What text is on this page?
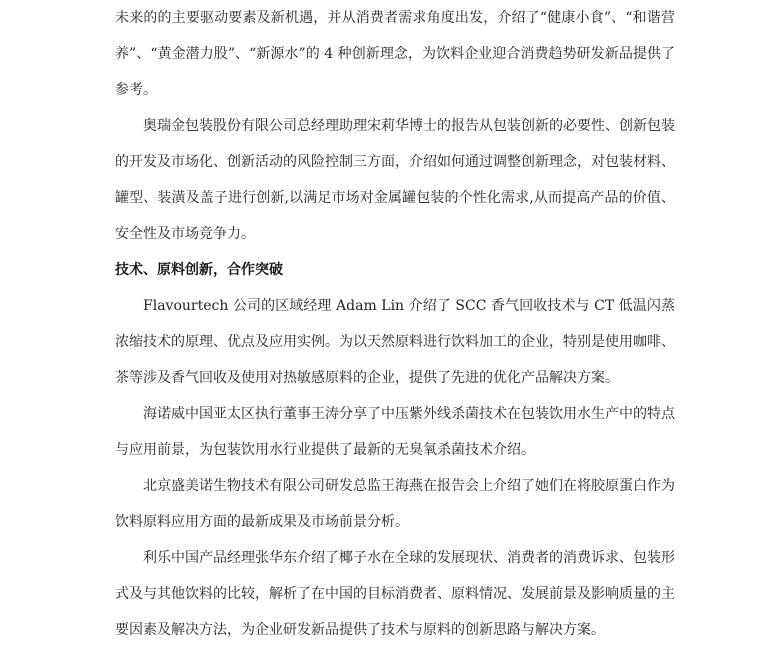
未来的的主要驱动要素及新机遇，并从消费者需求角度出发，介绍了“健康小食”、“和谐营养”、“黄金潜力股”、“新源水”的 4 种创新理念，为饮料企业迎合消费趋势研发新品提供了参考。

奥瑞金包装股份有限公司总经理助理宋莉华博士的报告从包装创新的必要性、创新包装的开发及市场化、创新活动的风险控制三方面，介绍如何通过调整创新理念，对包装材料、罐型、装潢及盖子进行创新,以满足市场对金属罐包装的个性化需求,从而提高产品的价值、安全性及市场竞争力。

技术、原料创新，合作突破

Flavourtech 公司的区域经理 Adam Lin 介绍了 SCC 香气回收技术与 CT 低温闪蒸浓缩技术的原理、优点及应用实例。为以天然原料进行饮料加工的企业，特别是使用咖啡、茶等涉及香气回收及使用对热敏感原料的企业，提供了先进的优化产品解决方案。

海诺威中国亚太区执行董事王涛分享了中压紫外线杀菌技术在包装饮用水生产中的特点与应用前景，为包装饮用水行业提供了最新的无臭氧杀菌技术介绍。

北京盛美诺生物技术有限公司研发总监王海燕在报告会上介绍了她们在将胶原蛋白作为饮料原料应用方面的最新成果及市场前景分析。

利乐中国产品经理张华东介绍了椰子水在全球的发展现状、消费者的消费诉求、包装形式及与其他饮料的比较，解析了在中国的目标消费者、原料情况、发展前景及影响质量的主要因素及解决方法，为企业研发新品提供了技术与原料的创新思路与解决方案。
